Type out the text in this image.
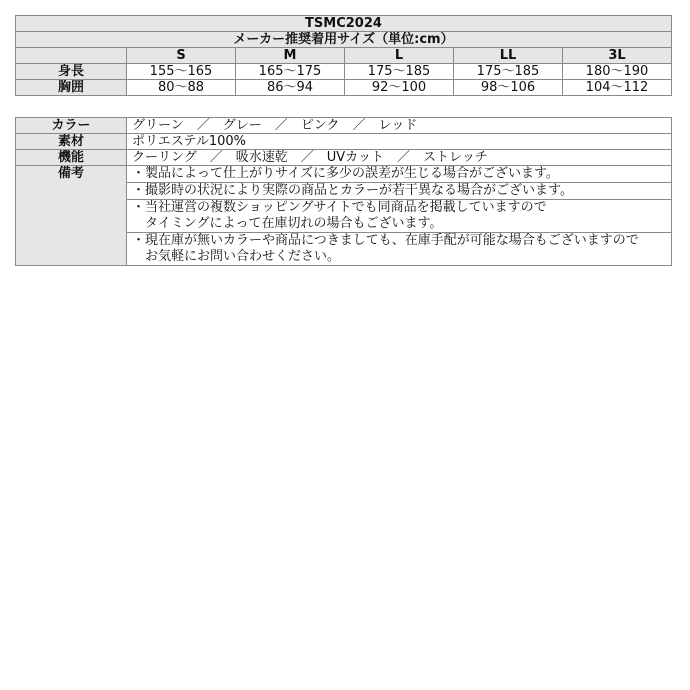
TSMC2024					
メーカー推奨着用サイズ（単位:cm）					
	S	M	L	LL	3L
身長	155〜165	165〜175	175〜185	175〜185	180〜190
胸囲	80〜88	86〜94	92〜100	98〜106	104〜112
カラー	グリーン　／　グレー　／　ピンク　／　レッド
素材	ポリエステル100%
機能	クーリング　／　吸水速乾　／　UVカット　／　ストレッチ
備考	・製品によって仕上がりサイズに多少の誤差が生じる場合がございます。

	・撮影時の状況により実際の商品とカラーが若干異なる場合がございます。

	・当社運営の複数ショッピングサイトでも同商品を掲載していますので
　タイミングによって在庫切れの場合もございます。

	・現在庫が無いカラーや商品につきましても、在庫手配が可能な場合もございますので
　お気軽にお問い合わせください。
